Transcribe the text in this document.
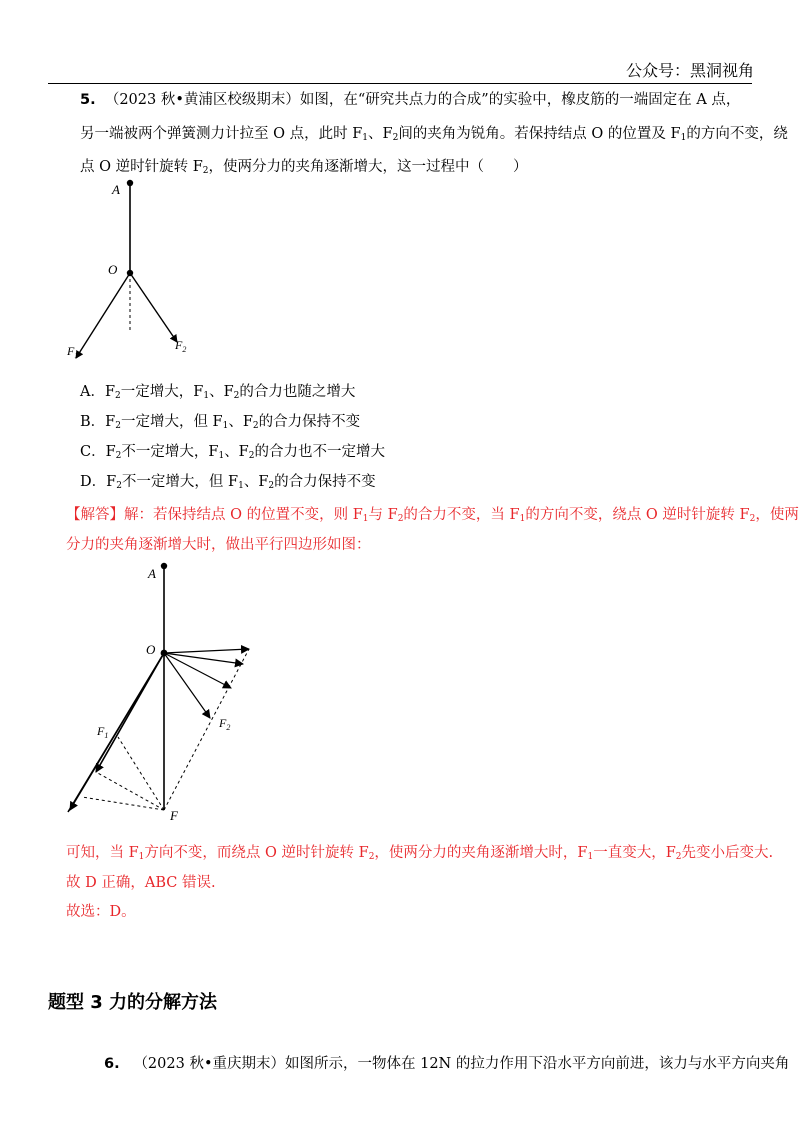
公众号：黑洞视角
5. （2023 秋•黄浦区校级期末）如图，在“研究共点力的合成”的实验中，橡皮筋的一端固定在 A 点，
另一端被两个弹簧测力计拉至 O 点，此时 $F_1$、$F_2$间的夹角为锐角。若保持结点 O 的位置及 $F_1$的方向不变，绕
点 O 逆时针旋转 $F_2$，使两分力的夹角逐渐增大，这一过程中（　　）
A
O
$F_1$
$F_2$
A．$F_2$一定增大，$F_1$、$F_2$的合力也随之增大
B．$F_2$一定增大，但 $F_1$、$F_2$的合力保持不变
C．$F_2$不一定增大，$F_1$、$F_2$的合力也不一定增大
D．$F_2$不一定增大，但 $F_1$、$F_2$的合力保持不变
【解答】解：若保持结点 O 的位置不变，则 $F_1$与 $F_2$的合力不变，当 $F_1$的方向不变，绕点 O 逆时针旋转 $F_2$，使两
分力的夹角逐渐增大时，做出平行四边形如图：
A
O
F
$F_1$
$F_2$
可知，当 $F_1$方向不变，而绕点 O 逆时针旋转 $F_2$，使两分力的夹角逐渐增大时，$F_1$一直变大，$F_2$先变小后变大.
故 D 正确，ABC 错误.
故选：D。
题型 3 力的分解方法
6. （2023 秋•重庆期末）如图所示，一物体在 12N 的拉力作用下沿水平方向前进，该力与水平方向夹角
